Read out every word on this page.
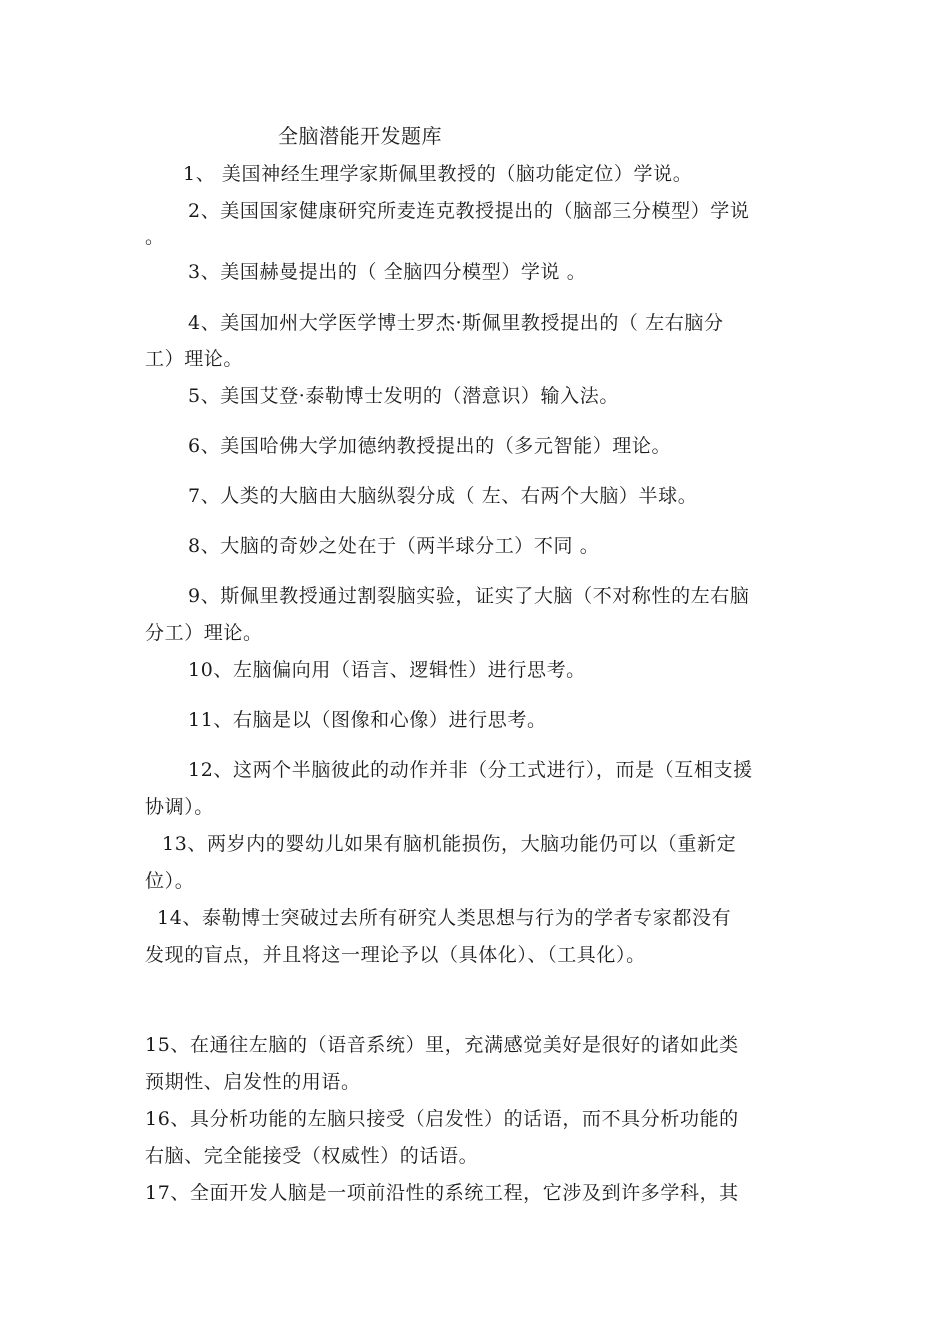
全脑潜能开发题库
1、 美国神经生理学家斯佩里教授的（脑功能定位）学说。
2、美国国家健康研究所麦连克教授提出的（脑部三分模型）学说
。
3、美国赫曼提出的（ 全脑四分模型）学说 。
4、美国加州大学医学博士罗杰·斯佩里教授提出的（ 左右脑分
工）理论。
5、美国艾登·泰勒博士发明的（潜意识）输入法。
6、美国哈佛大学加德纳教授提出的（多元智能）理论。
7、人类的大脑由大脑纵裂分成（ 左、右两个大脑）半球。
8、大脑的奇妙之处在于（两半球分工）不同 。
9、斯佩里教授通过割裂脑实验，证实了大脑（不对称性的左右脑
分工）理论。
10、左脑偏向用（语言、逻辑性）进行思考。
11、右脑是以（图像和心像）进行思考。
12、这两个半脑彼此的动作并非（分工式进行），而是（互相支援
协调）。
13、两岁内的婴幼儿如果有脑机能损伤，大脑功能仍可以（重新定
位）。
14、泰勒博士突破过去所有研究人类思想与行为的学者专家都没有
发现的盲点，并且将这一理论予以（具体化）、（工具化）。
15、在通往左脑的（语音系统）里，充满感觉美好是很好的诸如此类
预期性、启发性的用语。
16、具分析功能的左脑只接受（启发性）的话语，而不具分析功能的
右脑、完全能接受（权威性）的话语。
17、全面开发人脑是一项前沿性的系统工程，它涉及到许多学科，其
